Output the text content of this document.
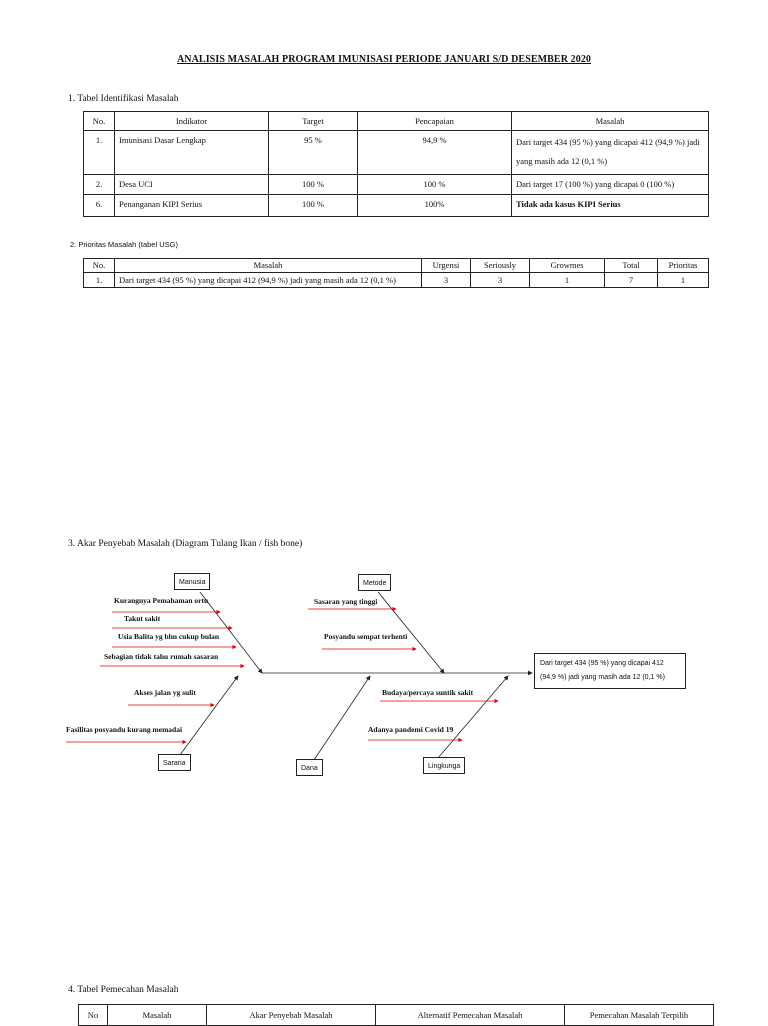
ANALISIS MASALAH PROGRAM IMUNISASI PERIODE JANUARI S/D DESEMBER 2020
1. Tabel Identifikasi Masalah
No.	Indikator	Target	Pencapaian	Masalah
1.	Imunisasi Dasar Lengkap	95 %	94,9 %	Dari target 434 (95 %) yang dicapai 412 (94,9 %) jadi yang masih ada 12 (0,1 %)
2.	Desa UCI	100 %	100 %	Dari target 17 (100 %) yang dicapai 0 (100 %)
6.	Penanganan KIPI Serius	100 %	100%	Tidak ada kasus KIPI Serius
2. Prioritas Masalah (tabel USG)
No.	Masalah	Urgensi	Seriously	Growmes	Total	Prioritas
1.	Dari target 434 (95 %) yang dicapai 412 (94,9 %) jadi yang masih ada 12 (0,1 %)	3	3	1	7	1
3. Akar Penyebab Masalah (Diagram Tulang Ikan / fish bone)
Manusia	Metode
Sarana
Dana	Lingkunga
Dari target 434 (95 %) yang dicapai 412 (94,9 %) jadi yang masih ada 12 (0,1 %)
Kurangnya Pemahaman ortu
Takut sakit
Usia Balita yg blm cukup bulan
Sebagian tidak tahu rumah sasaran
Sasaran yang tinggi
Posyandu sempat terhenti
Akses jalan yg sulit
Fasilitas posyandu kurang memadai
Budaya/percaya suntik sakit
Adanya pandemi Covid 19
4. Tabel Pemecahan Masalah
No	Masalah	Akar Penyebab Masalah	Alternatif Pemecahan Masalah	Pemecahan Masalah Terpilih
